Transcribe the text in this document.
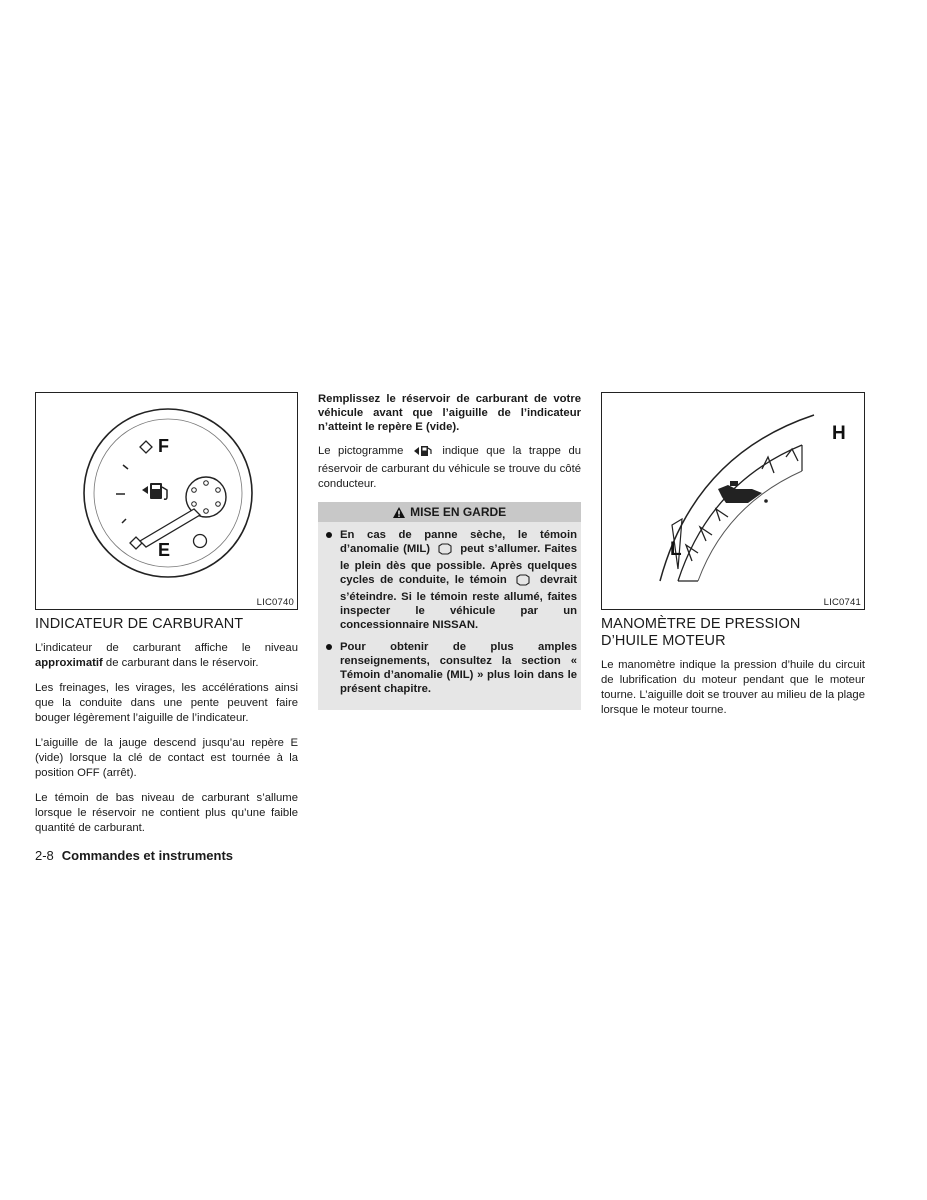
F
E
LIC0740
INDICATEUR DE CARBURANT

L’indicateur de carburant affiche le niveau approximatif de carburant dans le réservoir.

Les freinages, les virages, les accélérations ainsi que la conduite dans une pente peuvent faire bouger légèrement l’aiguille de l’indicateur.

L’aiguille de la jauge descend jusqu’au repère E (vide) lorsque la clé de contact est tournée à la position OFF (arrêt).

Le témoin de bas niveau de carburant s’allume lorsque le réservoir ne contient plus qu’une faible quantité de carburant.

Remplissez le réservoir de carburant de votre véhicule avant que l’aiguille de l’indicateur n’atteint le repère E (vide).

Le pictogramme	indique que la trappe du réservoir de carburant du véhicule se trouve du côté conducteur.

MISE EN GARDE
En cas de panne sèche, le témoin d’anomalie (MIL)	peut s’allumer. Faites le plein dès que possible. Après quelques cycles de conduite, le témoin	devrait s’éteindre. Si le témoin reste allumé, faites inspecter le véhicule par un concessionnaire NISSAN.
Pour obtenir de plus amples renseignements, consultez la section « Témoin d’anomalie (MIL) » plus loin dans le présent chapitre.
H
L
LIC0741
MANOMÈTRE DE PRESSION
D’HUILE MOTEUR

Le manomètre indique la pression d’huile du circuit de lubrification du moteur pendant que le moteur tourne. L’aiguille doit se trouver au milieu de la plage lorsque le moteur tourne.

2-8 Commandes et instruments
